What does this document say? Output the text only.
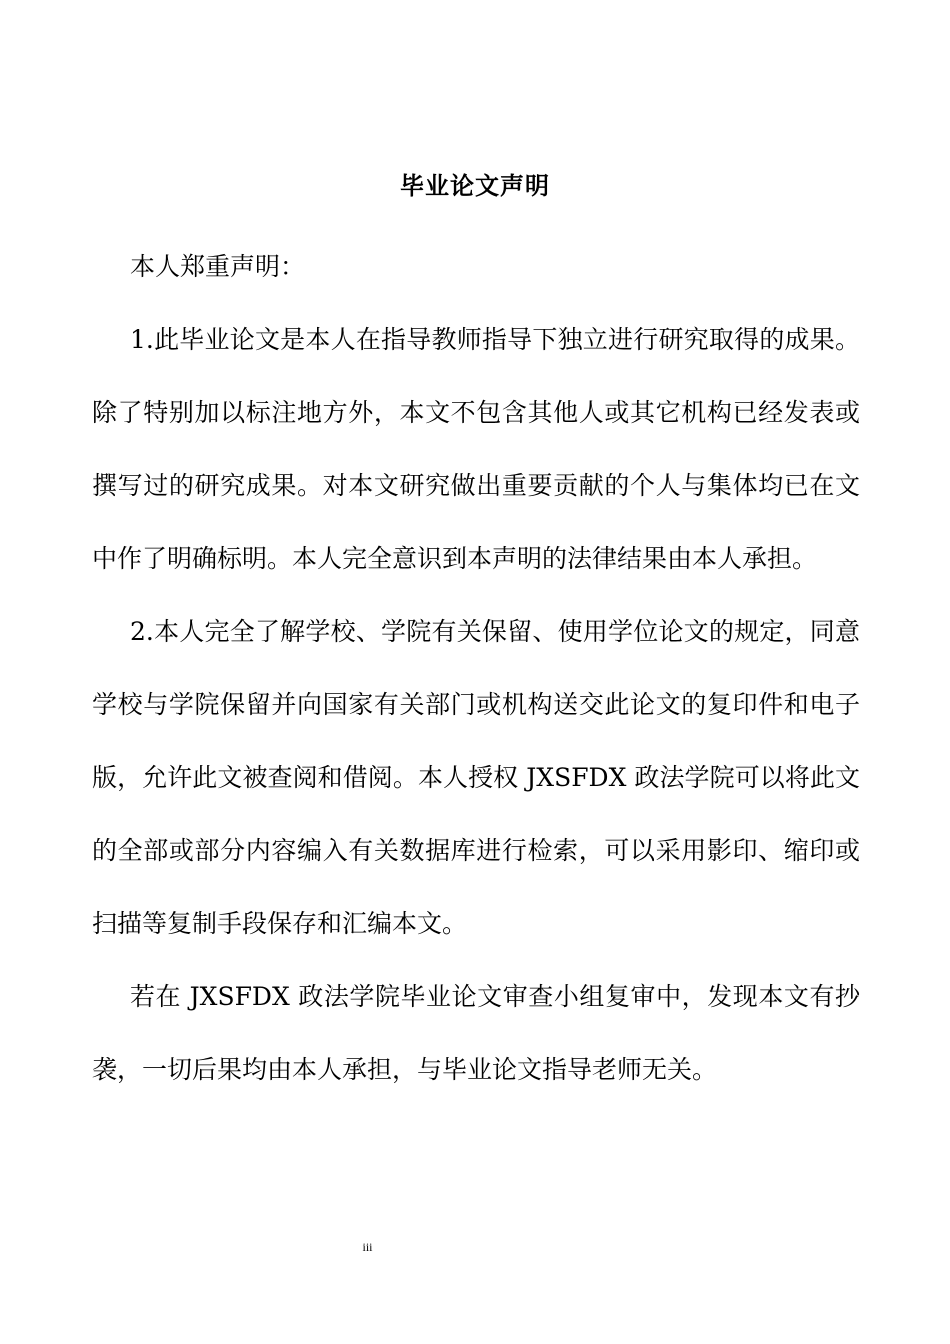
毕业论文声明

本人郑重声明：

1.此毕业论文是本人在指导教师指导下独立进行研究取得的成果。除了特别加以标注地方外，本文不包含其他人或其它机构已经发表或撰写过的研究成果。对本文研究做出重要贡献的个人与集体均已在文中作了明确标明。本人完全意识到本声明的法律结果由本人承担。

2.本人完全了解学校、学院有关保留、使用学位论文的规定，同意学校与学院保留并向国家有关部门或机构送交此论文的复印件和电子版，允许此文被查阅和借阅。本人授权 JXSFDX 政法学院可以将此文的全部或部分内容编入有关数据库进行检索，可以采用影印、缩印或扫描等复制手段保存和汇编本文。

若在 JXSFDX 政法学院毕业论文审查小组复审中，发现本文有抄袭，一切后果均由本人承担，与毕业论文指导老师无关。

iii
